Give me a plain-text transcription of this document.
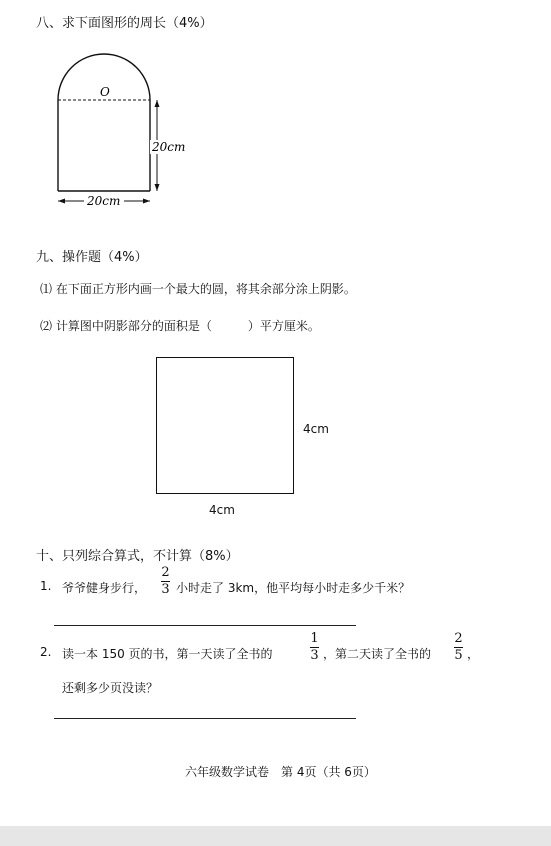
八、求下面图形的周长（4%）
O
20cm
20cm
九、操作题（4%）
⑴ 在下面正方形内画一个最大的圆，将其余部分涂上阴影。
⑵ 计算图中阴影部分的面积是（　　　）平方厘米。
4cm
4cm
十、只列综合算式，不计算（8%）
1. 爷爷健身步行，
2
3 小时走了 3km，他平均每小时走多少千米？
2. 读一本 150 页的书，第一天读了全书的
1
3 ，第二天读了全书的
2
5 ，
还剩多少页没读？
六年级数学试卷　第 4页（共 6页）
